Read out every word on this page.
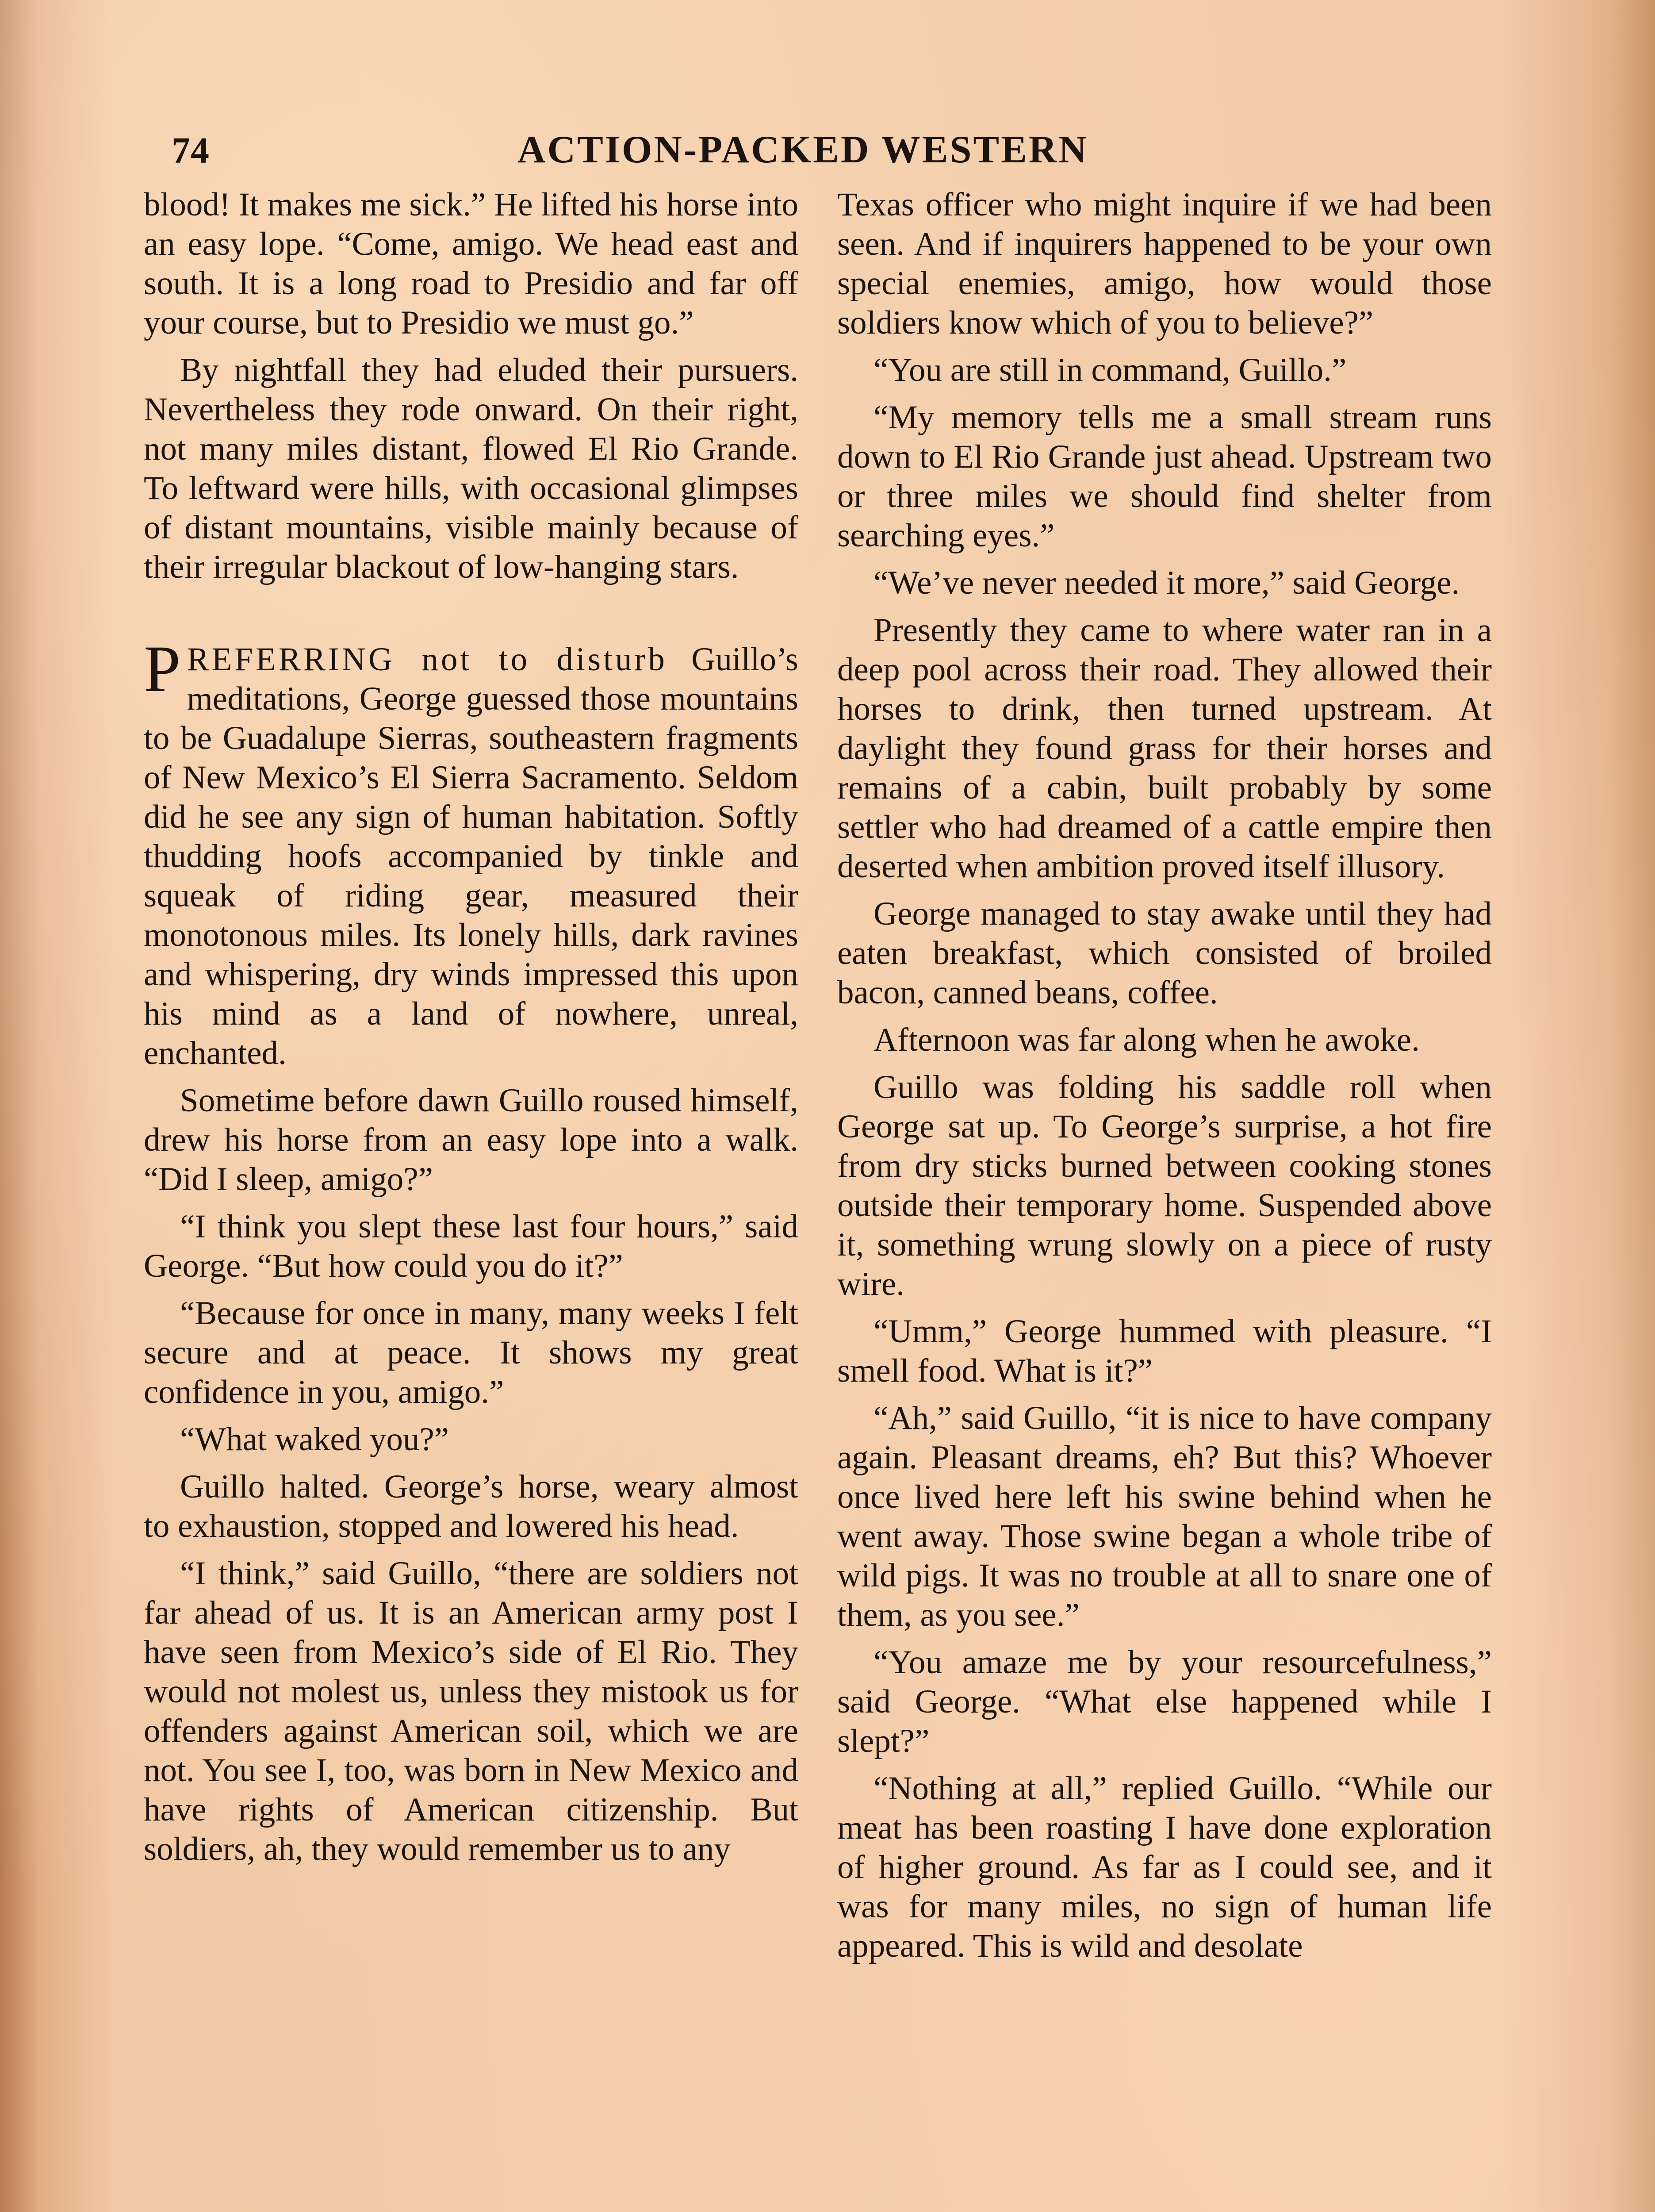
74	ACTION-PACKED WESTERN

blood! It makes me sick.” He lifted his horse into an easy lope. “Come, amigo. We head east and south. It is a long road to Presidio and far off your course, but to Presidio we must go.”

By nightfall they had eluded their pursuers. Nevertheless they rode onward. On their right, not many miles distant, flowed El Rio Grande. To leftward were hills, with occasional glimpses of distant mountains, visible mainly because of their irregular blackout of low-hanging stars.

PREFERRING not to disturb Guillo’s meditations, George guessed those mountains to be Guadalupe Sierras, southeastern fragments of New Mexico’s El Sierra Sacramento. Seldom did he see any sign of human habitation. Softly thudding hoofs accompanied by tinkle and squeak of riding gear, measured their monotonous miles. Its lonely hills, dark ravines and whispering, dry winds impressed this upon his mind as a land of nowhere, unreal, enchanted.

Sometime before dawn Guillo roused himself, drew his horse from an easy lope into a walk. “Did I sleep, amigo?”

“I think you slept these last four hours,” said George. “But how could you do it?”

“Because for once in many, many weeks I felt secure and at peace. It shows my great confidence in you, amigo.”

“What waked you?”

Guillo halted. George’s horse, weary almost to exhaustion, stopped and lowered his head.

“I think,” said Guillo, “there are soldiers not far ahead of us. It is an American army post I have seen from Mexico’s side of El Rio. They would not molest us, unless they mistook us for offenders against American soil, which we are not. You see I, too, was born in New Mexico and have rights of American citizenship. But soldiers, ah, they would remember us to any

Texas officer who might inquire if we had been seen. And if inquirers happened to be your own special enemies, amigo, how would those soldiers know which of you to believe?”

“You are still in command, Guillo.”

“My memory tells me a small stream runs down to El Rio Grande just ahead. Upstream two or three miles we should find shelter from searching eyes.”

“We’ve never needed it more,” said George.

Presently they came to where water ran in a deep pool across their road. They allowed their horses to drink, then turned upstream. At daylight they found grass for their horses and remains of a cabin, built probably by some settler who had dreamed of a cattle empire then deserted when ambition proved itself illusory.

George managed to stay awake until they had eaten breakfast, which consisted of broiled bacon, canned beans, coffee.

Afternoon was far along when he awoke.

Guillo was folding his saddle roll when George sat up. To George’s surprise, a hot fire from dry sticks burned between cooking stones outside their temporary home. Suspended above it, something wrung slowly on a piece of rusty wire.

“Umm,” George hummed with pleasure. “I smell food. What is it?”

“Ah,” said Guillo, “it is nice to have company again. Pleasant dreams, eh? But this? Whoever once lived here left his swine behind when he went away. Those swine began a whole tribe of wild pigs. It was no trouble at all to snare one of them, as you see.”

“You amaze me by your resourcefulness,” said George. “What else happened while I slept?”

“Nothing at all,” replied Guillo. “While our meat has been roasting I have done exploration of higher ground. As far as I could see, and it was for many miles, no sign of human life appeared. This is wild and desolate
